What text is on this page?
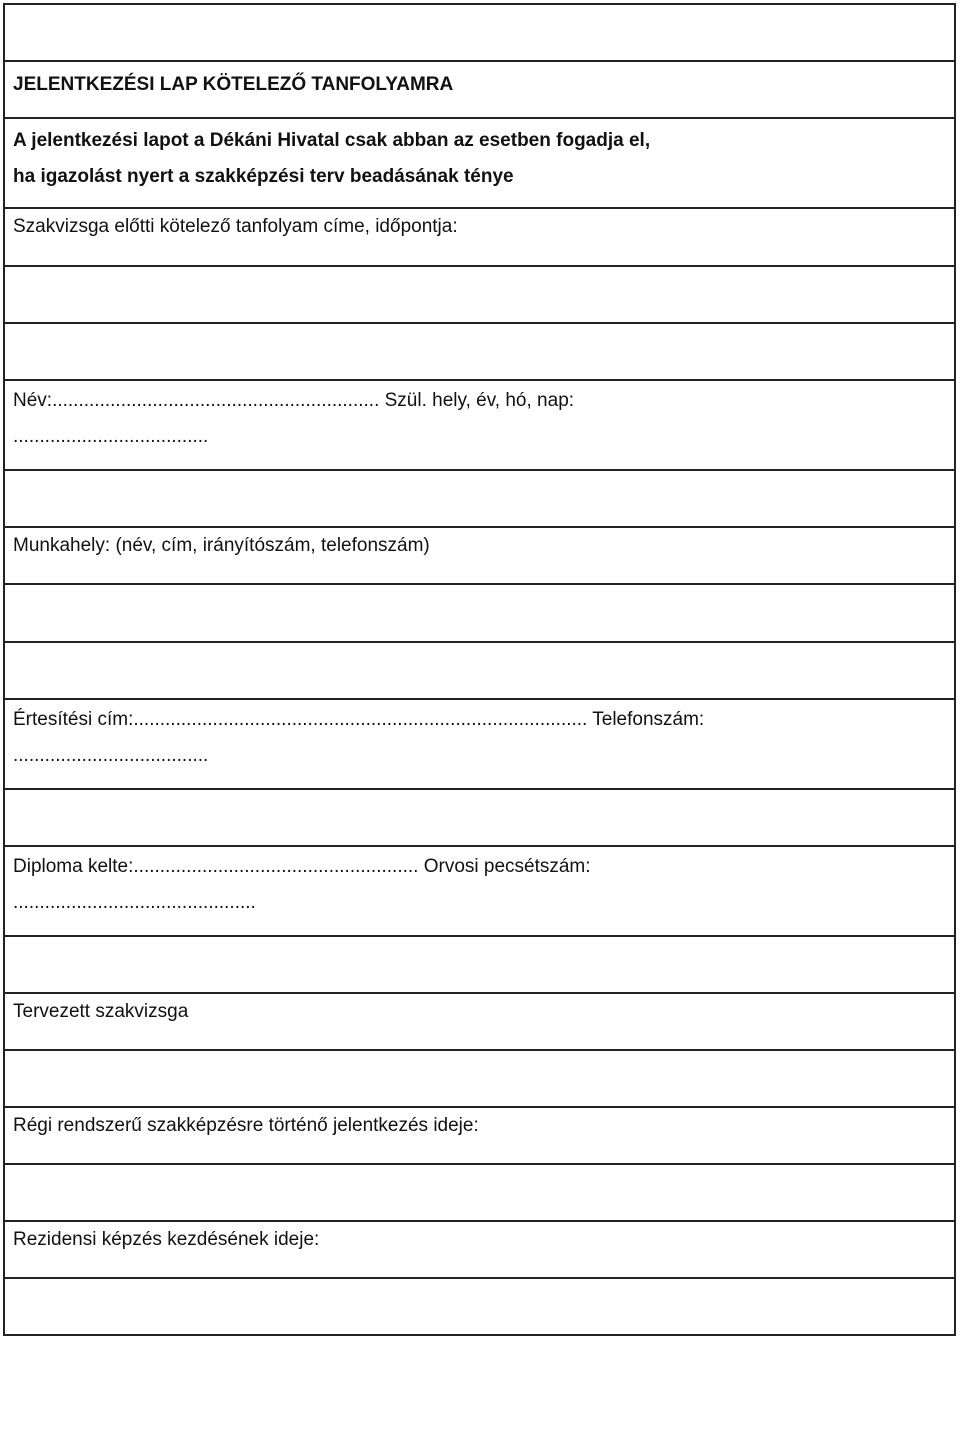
JELENTKEZÉSI LAP KÖTELEZŐ TANFOLYAMRA
A jelentkezési lapot a Dékáni Hivatal csak abban az esetben fogadja el,
ha igazolást nyert a szakképzési terv beadásának ténye
Szakvizsga előtti kötelező tanfolyam címe, időpontja:
Név:.............................................................. Szül. hely, év, hó, nap:
.....................................
Munkahely: (név, cím, irányítószám, telefonszám)
Értesítési cím:...................................................................................... Telefonszám:
.....................................
Diploma kelte:...................................................... Orvosi pecsétszám:
..............................................
Tervezett szakvizsga
Régi rendszerű szakképzésre történő jelentkezés ideje:
Rezidensi képzés kezdésének ideje:
